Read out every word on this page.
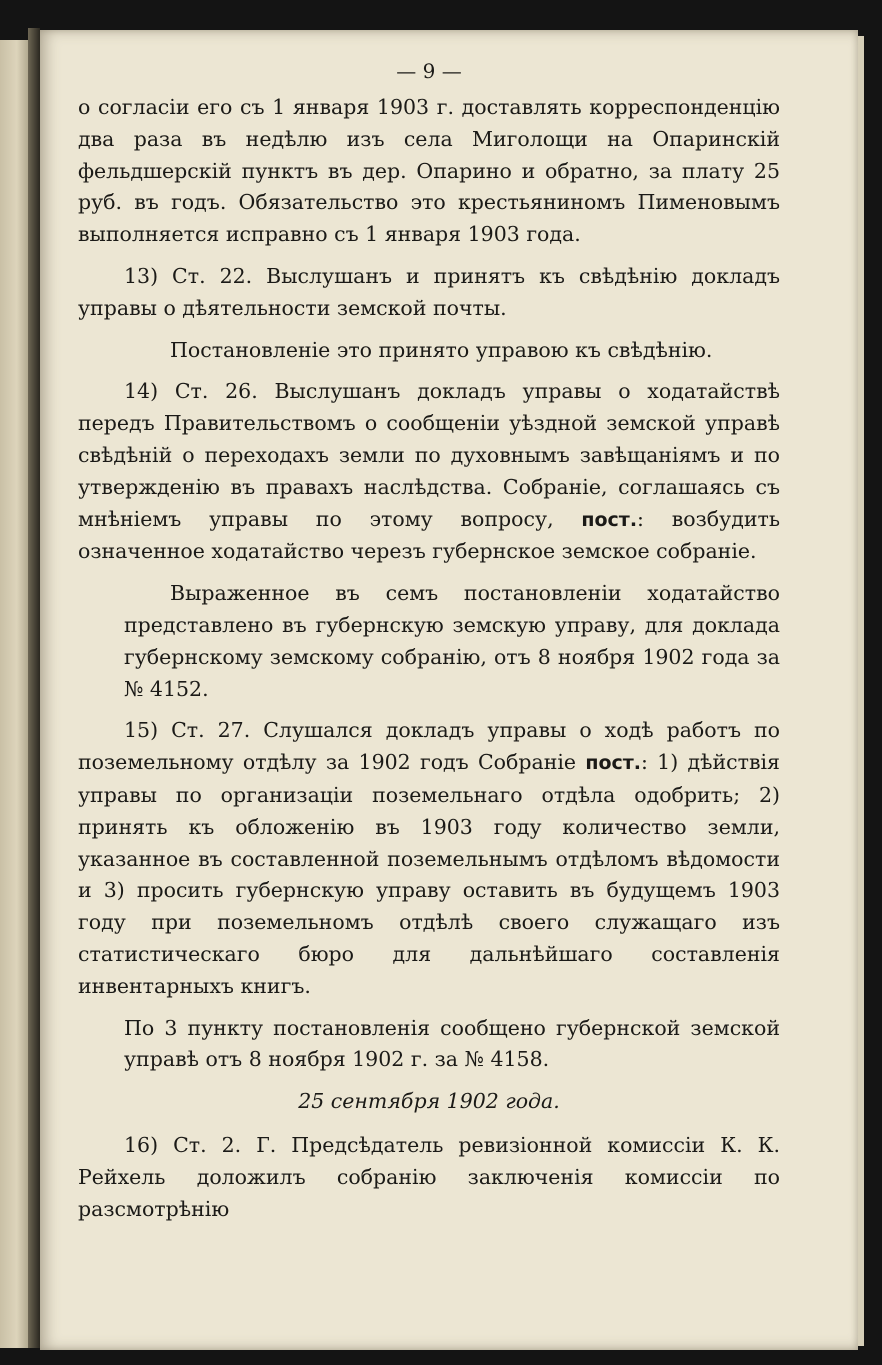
— 9 —

о согласіи его съ 1 января 1903 г. доставлять корреспонденцію два раза въ недѣлю изъ села Миголощи на Опаринскій фельдшерскій пунктъ въ дер. Опарино и обратно, за плату 25 руб. въ годъ. Обязательство это крестьяниномъ Пименовымъ выполняется исправно съ 1 января 1903 года.

13) Ст. 22. Выслушанъ и принятъ къ свѣдѣнію докладъ управы о дѣятельности земской почты.

Постановленіе это принято управою къ свѣдѣнію.

14) Ст. 26. Выслушанъ докладъ управы о ходатайствѣ передъ Правительствомъ о сообщеніи уѣздной земской управѣ свѣдѣній о переходахъ земли по духовнымъ завѣщаніямъ и по утвержденію въ правахъ наслѣдства. Собраніе, соглашаясь съ мнѣніемъ управы по этому вопросу, пост.: возбудить означенное ходатайство черезъ губернское земское собраніе.

Выраженное въ семъ постановленіи ходатайство представлено въ губернскую земскую управу, для доклада губернскому земскому собранію, отъ 8 ноября 1902 года за № 4152.

15) Ст. 27. Слушался докладъ управы о ходѣ работъ по поземельному отдѣлу за 1902 годъ Собраніе пост.: 1) дѣйствія управы по организаціи поземельнаго отдѣла одобрить; 2) принять къ обложенію въ 1903 году количество земли, указанное въ составленной поземельнымъ отдѣломъ вѣдомости и 3) просить губернскую управу оставить въ будущемъ 1903 году при поземельномъ отдѣлѣ своего служащаго изъ статистическаго бюро для дальнѣйшаго составленія инвентарныхъ книгъ.

По 3 пункту постановленія сообщено губернской земской управѣ отъ 8 ноября 1902 г. за № 4158.

25 сентября 1902 года.

16) Ст. 2. Г. Предсѣдатель ревизіонной комиссіи К. К. Рейхель доложилъ собранію заключенія комиссіи по разсмотрѣнію
